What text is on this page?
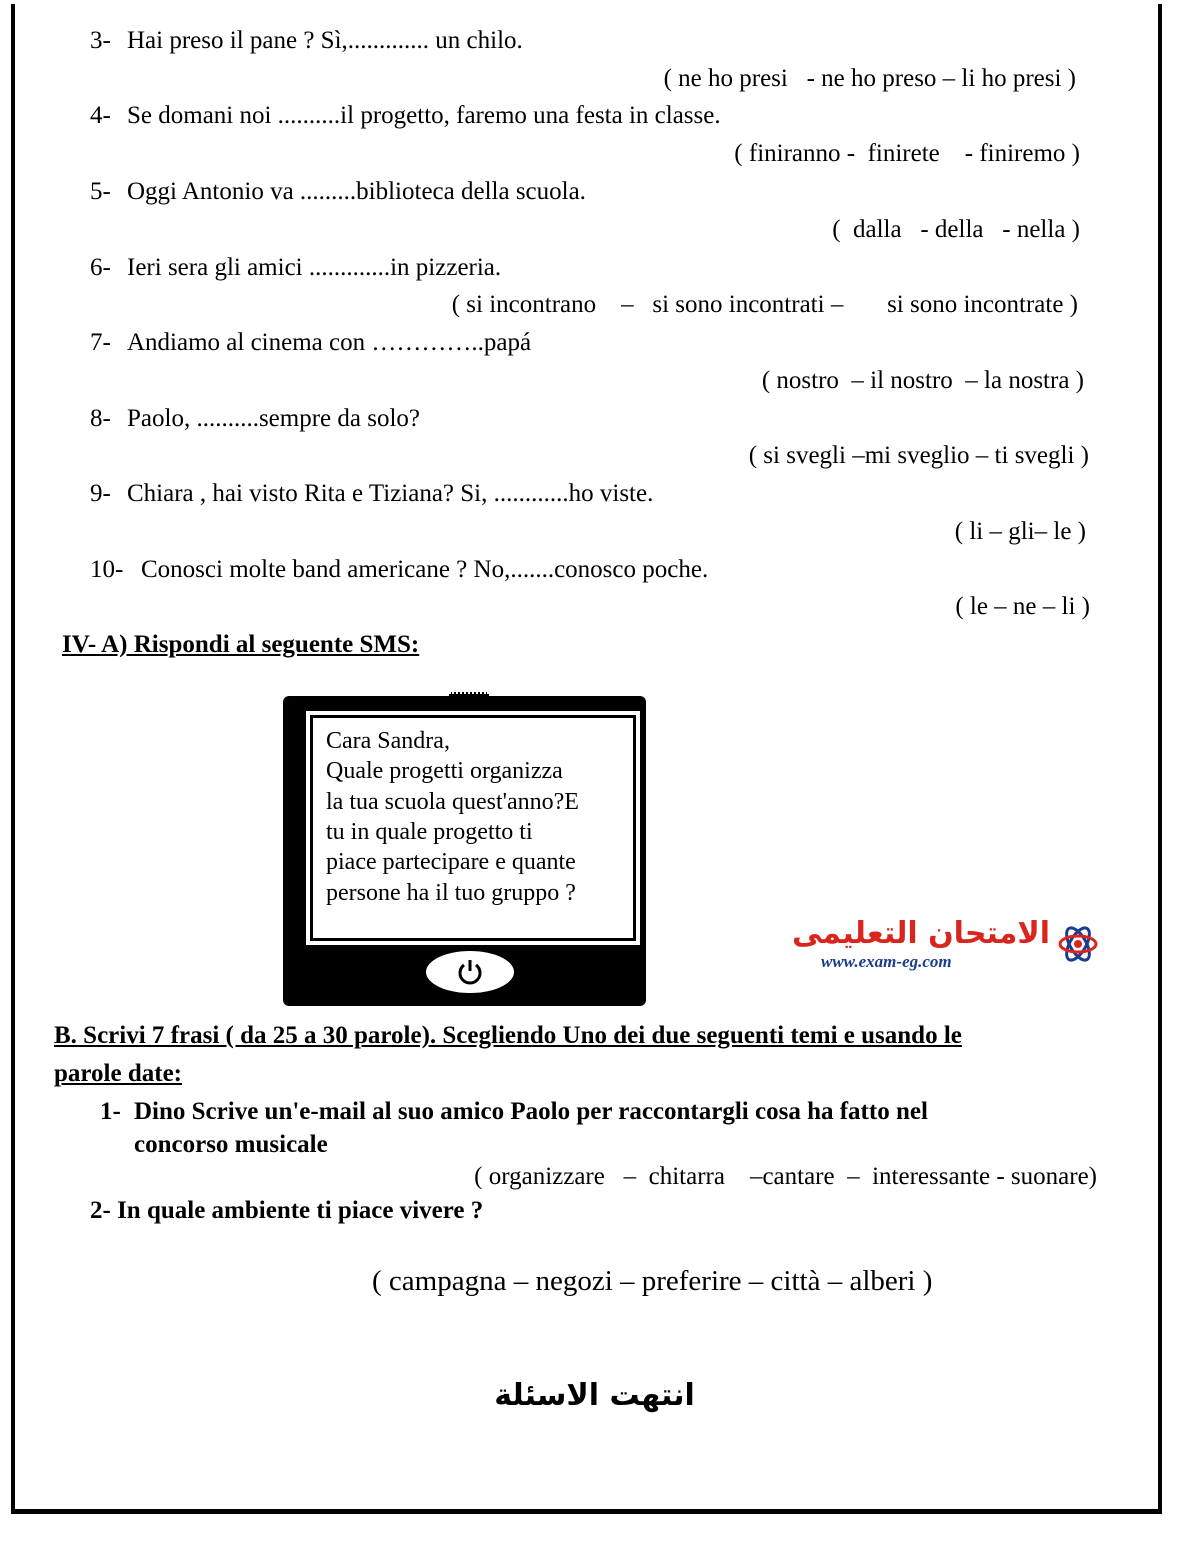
3- Hai preso il pane ? Sì,............. un chilo.
( ne ho presi   - ne ho preso – li ho presi )
4- Se domani noi ..........il progetto, faremo una festa in classe.
( finiranno -  finirete    - finiremo )
5- Oggi Antonio va .........biblioteca della scuola.
(  dalla   - della   - nella )
6- Ieri sera gli amici .............in pizzeria.
( si incontrano    –   si sono incontrati –       si sono incontrate )
7- Andiamo al cinema con …………..papá
( nostro  – il nostro  – la nostra )
8- Paolo, ..........sempre da solo?
( si svegli –mi sveglio – ti svegli )
9- Chiara , hai visto Rita e Tiziana? Si, ............ho viste.
( li – gli– le )
10- Conosci molte band americane ? No,.......conosco poche.
( le – ne – li )
IV- A) Rispondi al seguente SMS:
Cara Sandra,
Quale progetti organizza
la tua scuola quest'anno?E
tu in quale progetto ti
piace partecipare e quante
persone ha il tuo gruppo ?
الامتحان التعليمى
www.exam-eg.com
B. Scrivi 7 frasi ( da 25 a 30 parole). Scegliendo Uno dei due seguenti temi e usando le
parole date:
1- Dino Scrive un'e-mail al suo amico Paolo per raccontargli cosa ha fatto nel
concorso musicale
( organizzare   –  chitarra    –cantare  –  interessante - suonare)
2- In quale ambiente ti piace vivere ?
( campagna – negozi – preferire – città – alberi )
انتهت الاسئلة
